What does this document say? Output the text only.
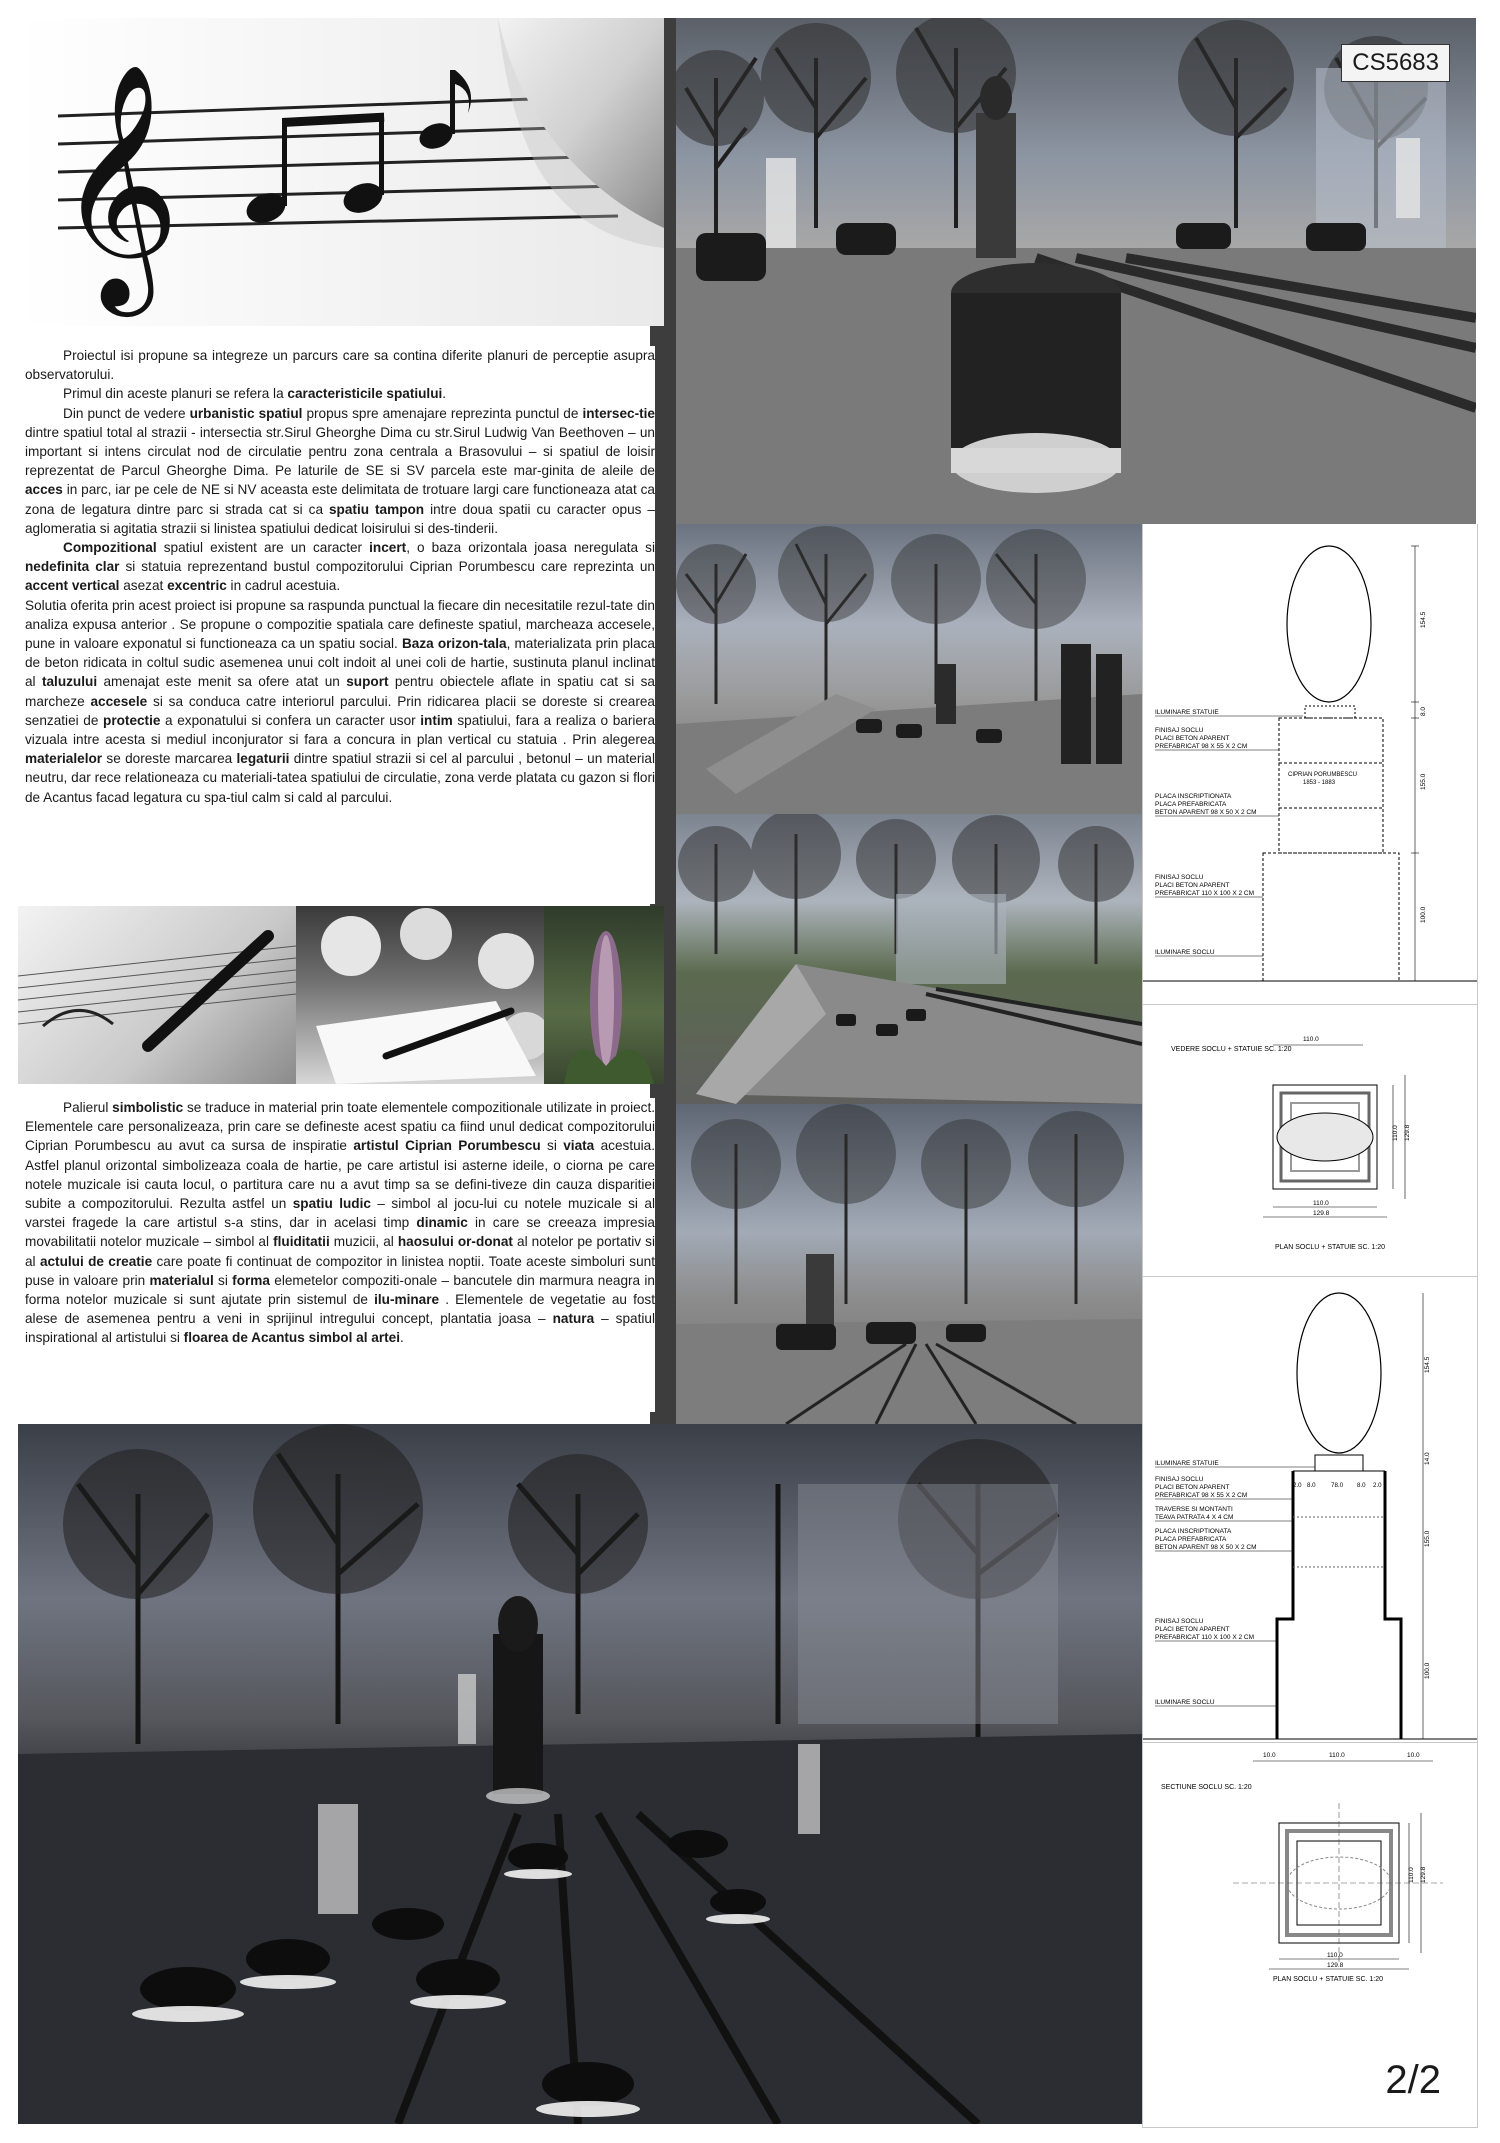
𝄞

Proiectul isi propune sa integreze un parcurs care sa contina diferite planuri de perceptie asupra observatorului.

Primul din aceste planuri se refera la caracteristicile spatiului.

Din punct de vedere urbanistic spatiul propus spre amenajare reprezinta punctul de intersec-tie dintre spatiul total al strazii - intersectia str.Sirul Gheorghe Dima cu str.Sirul Ludwig Van Beethoven – un important si intens circulat nod de circulatie pentru zona centrala a Brasovului – si spatiul de loisir reprezentat de Parcul Gheorghe Dima. Pe laturile de SE si SV parcela este mar-ginita de aleile de acces in parc, iar pe cele de NE si NV aceasta este delimitata de trotuare largi care functioneaza atat ca zona de legatura dintre parc si strada cat si ca spatiu tampon intre doua spatii cu caracter opus – aglomeratia si agitatia strazii si linistea spatiului dedicat loisirului si des-tinderii.

Compozitional spatiul existent are un caracter incert, o baza orizontala joasa neregulata si nedefinita clar si statuia reprezentand bustul compozitorului Ciprian Porumbescu care reprezinta un accent vertical asezat excentric in cadrul acestuia.

Solutia oferita prin acest proiect isi propune sa raspunda punctual la fiecare din necesitatile rezul-tate din analiza expusa anterior . Se propune o compozitie spatiala care defineste spatiul, marcheaza accesele, pune in valoare exponatul si functioneaza ca un spatiu social. Baza orizon-tala, materializata prin placa de beton ridicata in coltul sudic asemenea unui colt indoit al unei coli de hartie, sustinuta planul inclinat al taluzului amenajat este menit sa ofere atat un suport pentru obiectele aflate in spatiu cat si sa marcheze accesele si sa conduca catre interiorul parcului. Prin ridicarea placii se doreste si crearea senzatiei de protectie a exponatului si confera un caracter usor intim spatiului, fara a realiza o bariera vizuala intre acesta si mediul inconjurator si fara a concura in plan vertical cu statuia . Prin alegerea materialelor se doreste marcarea legaturii dintre spatiul strazii si cel al parcului , betonul – un material neutru, dar rece relationeaza cu materiali-tatea spatiului de circulatie, zona verde platata cu gazon si flori de Acantus facad legatura cu spa-tiul calm si cald al parcului.

Palierul simbolistic se traduce in material prin toate elementele compozitionale utilizate in proiect. Elementele care personalizeaza, prin care se defineste acest spatiu ca fiind unul dedicat compozitorului Ciprian Porumbescu au avut ca sursa de inspiratie artistul Ciprian Porumbescu si viata acestuia. Astfel planul orizontal simbolizeaza coala de hartie, pe care artistul isi asterne ideile, o ciorna pe care notele muzicale isi cauta locul, o partitura care nu a avut timp sa se defini-tiveze din cauza disparitiei subite a compozitorului. Rezulta astfel un spatiu ludic – simbol al jocu-lui cu notele muzicale si al varstei fragede la care artistul s-a stins, dar in acelasi timp dinamic in care se creeaza impresia movabilitatii notelor muzicale – simbol al fluiditatii muzicii, al haosului or-donat al notelor pe portativ si al actului de creatie care poate fi continuat de compozitor in linistea noptii. Toate aceste simboluri sunt puse in valoare prin materialul si forma elemetelor compoziti-onale – bancutele din marmura neagra in forma notelor muzicale si sunt ajutate prin sistemul de ilu-minare . Elementele de vegetatie au fost alese de asemenea pentru a veni in sprijinul intregului concept, plantatia joasa – natura – spatiul inspirational al artistului si floarea de Acantus simbol al artei.

CS5683
CIPRIAN PORUMBESCU
1853 - 1883
ILUMINARE STATUIE
FINISAJ SOCLU
PLACI BETON APARENT
PREFABRICAT 98 X 55 X 2 CM
PLACA INSCRIPTIONATA
PLACA PREFABRICATA
BETON APARENT 98 X 50 X 2 CM
FINISAJ SOCLU
PLACI BETON APARENT
PREFABRICAT 110 X 100 X 2 CM
ILUMINARE SOCLU
154.5
8.0
155.0
100.0
VEDERE SOCLU + STATUIE SC. 1:20
110.0
110.0 129.8
110.0
129.8
PLAN SOCLU + STATUIE SC. 1:20
2.0 8.0 78.0 8.0 2.0
ILUMINARE STATUIE
FINISAJ SOCLU
PLACI BETON APARENT
PREFABRICAT 98 X 55 X 2 CM
TRAVERSE SI MONTANTI
TEAVA PATRATA 4 X 4 CM
PLACA INSCRIPTIONATA
PLACA PREFABRICATA
BETON APARENT 98 X 50 X 2 CM
FINISAJ SOCLU
PLACI BETON APARENT
PREFABRICAT 110 X 100 X 2 CM
ILUMINARE SOCLU
154.5
14.0
155.0
100.0
10.0	110.0	10.0
SECTIUNE SOCLU SC. 1:20
110.0 129.8
110.0
129.8
PLAN SOCLU + STATUIE SC. 1:20
2/2
